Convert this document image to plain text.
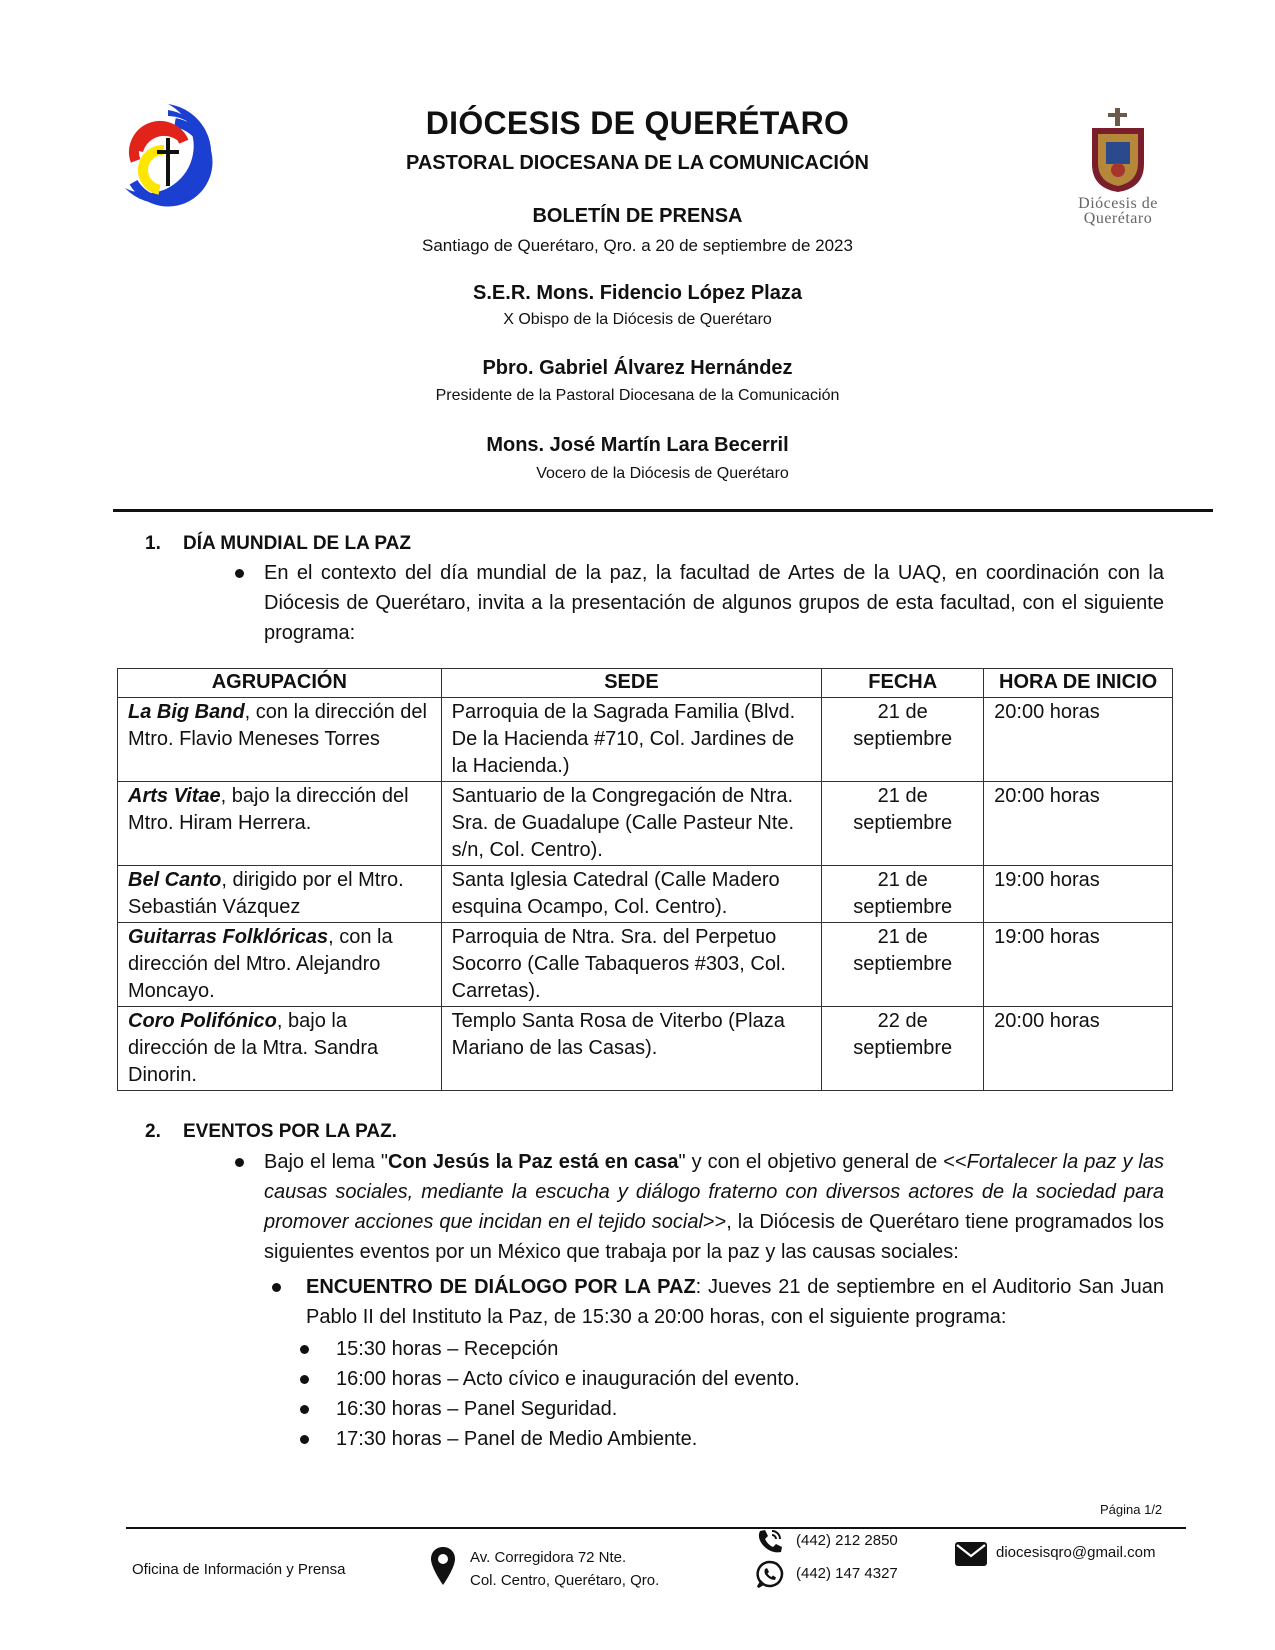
Diócesis de
Querétaro
DIÓCESIS DE QUERÉTARO
PASTORAL DIOCESANA DE LA COMUNICACIÓN
BOLETÍN DE PRENSA
Santiago de Querétaro, Qro. a 20 de septiembre de 2023
S.E.R. Mons. Fidencio López Plaza
X Obispo de la Diócesis de Querétaro
Pbro. Gabriel Álvarez Hernández
Presidente de la Pastoral Diocesana de la Comunicación
Mons. José Martín Lara Becerril
Vocero de la Diócesis de Querétaro
1. DÍA MUNDIAL DE LA PAZ
En el contexto del día mundial de la paz, la facultad de Artes de la UAQ, en coordinación con la Diócesis de Querétaro, invita a la presentación de algunos grupos de esta facultad, con el siguiente programa:
AGRUPACIÓN	SEDE	FECHA	HORA DE INICIO
La Big Band, con la dirección del Mtro. Flavio Meneses Torres	Parroquia de la Sagrada Familia (Blvd. De la Hacienda #710, Col. Jardines de la Hacienda.)	21 de septiembre	20:00 horas
Arts Vitae, bajo la dirección del Mtro. Hiram Herrera.	Santuario de la Congregación de Ntra. Sra. de Guadalupe (Calle Pasteur Nte. s/n, Col. Centro).	21 de septiembre	20:00 horas
Bel Canto, dirigido por el Mtro. Sebastián Vázquez	Santa Iglesia Catedral (Calle Madero esquina Ocampo, Col. Centro).	21 de septiembre	19:00 horas
Guitarras Folklóricas, con la dirección del Mtro. Alejandro Moncayo.	Parroquia de Ntra. Sra. del Perpetuo Socorro (Calle Tabaqueros #303, Col. Carretas).	21 de septiembre	19:00 horas
Coro Polifónico, bajo la dirección de la Mtra. Sandra Dinorin.	Templo Santa Rosa de Viterbo (Plaza Mariano de las Casas).	22 de septiembre	20:00 horas
2. EVENTOS POR LA PAZ.
Bajo el lema "Con Jesús la Paz está en casa" y con el objetivo general de <<Fortalecer la paz y las causas sociales, mediante la escucha y diálogo fraterno con diversos actores de la sociedad para promover acciones que incidan en el tejido social>>, la Diócesis de Querétaro tiene programados los siguientes eventos por un México que trabaja por la paz y las causas sociales:
ENCUENTRO DE DIÁLOGO POR LA PAZ: Jueves 21 de septiembre en el Auditorio San Juan Pablo II del Instituto la Paz, de 15:30 a 20:00 horas, con el siguiente programa:
15:30 horas – Recepción
16:00 horas – Acto cívico e inauguración del evento.
16:30 horas – Panel Seguridad.
17:30 horas – Panel de Medio Ambiente.
Página 1/2
Oficina de Información y Prensa
Av. Corregidora 72 Nte.
Col. Centro, Querétaro, Qro.
(442) 212 2850
(442) 147 4327
diocesisqro@gmail.com
